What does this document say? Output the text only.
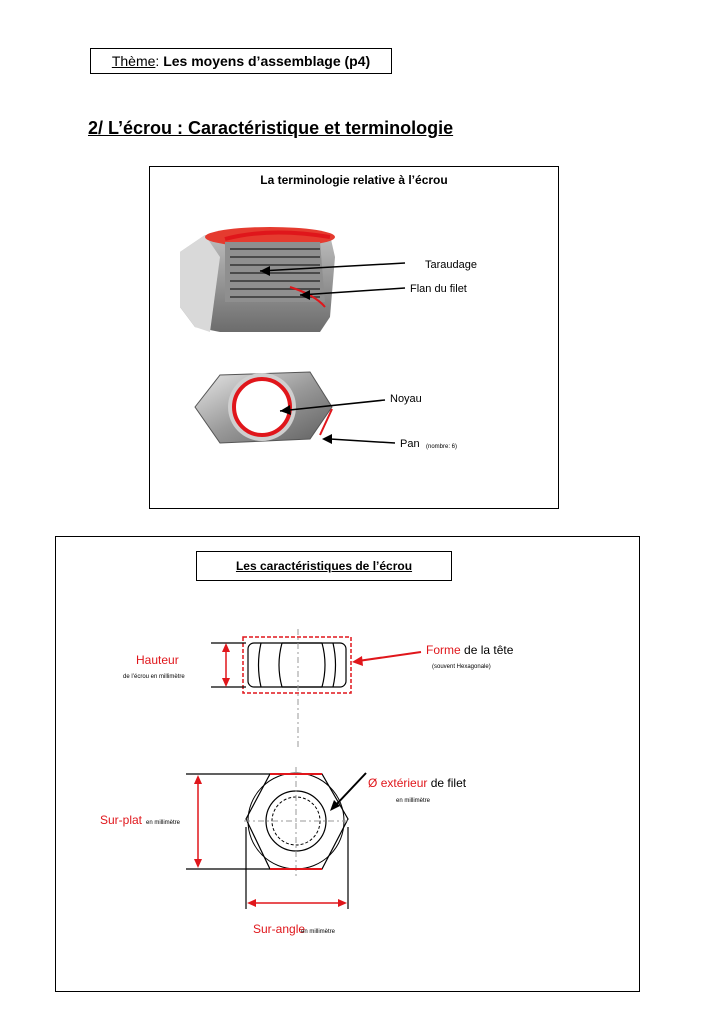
Thème: Les moyens d’assemblage (p4)
2/ L’écrou : Caractéristique et terminologie
La terminologie relative à l’écrou
Taraudage
Flan du filet
Noyau
Pan (nombre: 6)
Les caractéristiques de l’écrou
Hauteur
de l’écrou en millimètre
Forme de la tête
(souvent Hexagonale)
Sur-plat en millimètre
Sur-angle
en millimètre
Ø extérieur de filet
en millimètre
